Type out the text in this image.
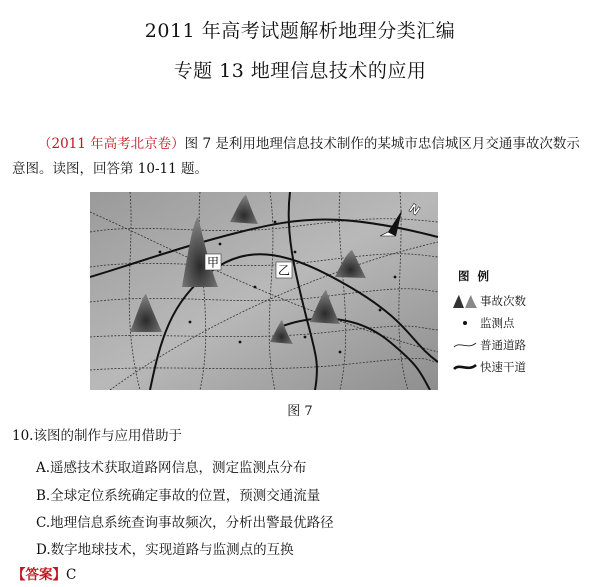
2011 年高考试题解析地理分类汇编
专题 13 地理信息技术的应用
（2011 年高考北京卷）图 7 是利用地理信息技术制作的某城市忠信城区月交通事故次数示意图。读图，回答第 10-11 题。
甲
乙
N
图例
事故次数
监测点
普通道路
快速干道
图 7
10.该图的制作与应用借助于
A.遥感技术获取道路网信息，测定监测点分布
B.全球定位系统确定事故的位置，预测交通流量
C.地理信息系统查询事故频次，分析出警最优路径
D.数字地球技术，实现道路与监测点的互换
【答案】C
